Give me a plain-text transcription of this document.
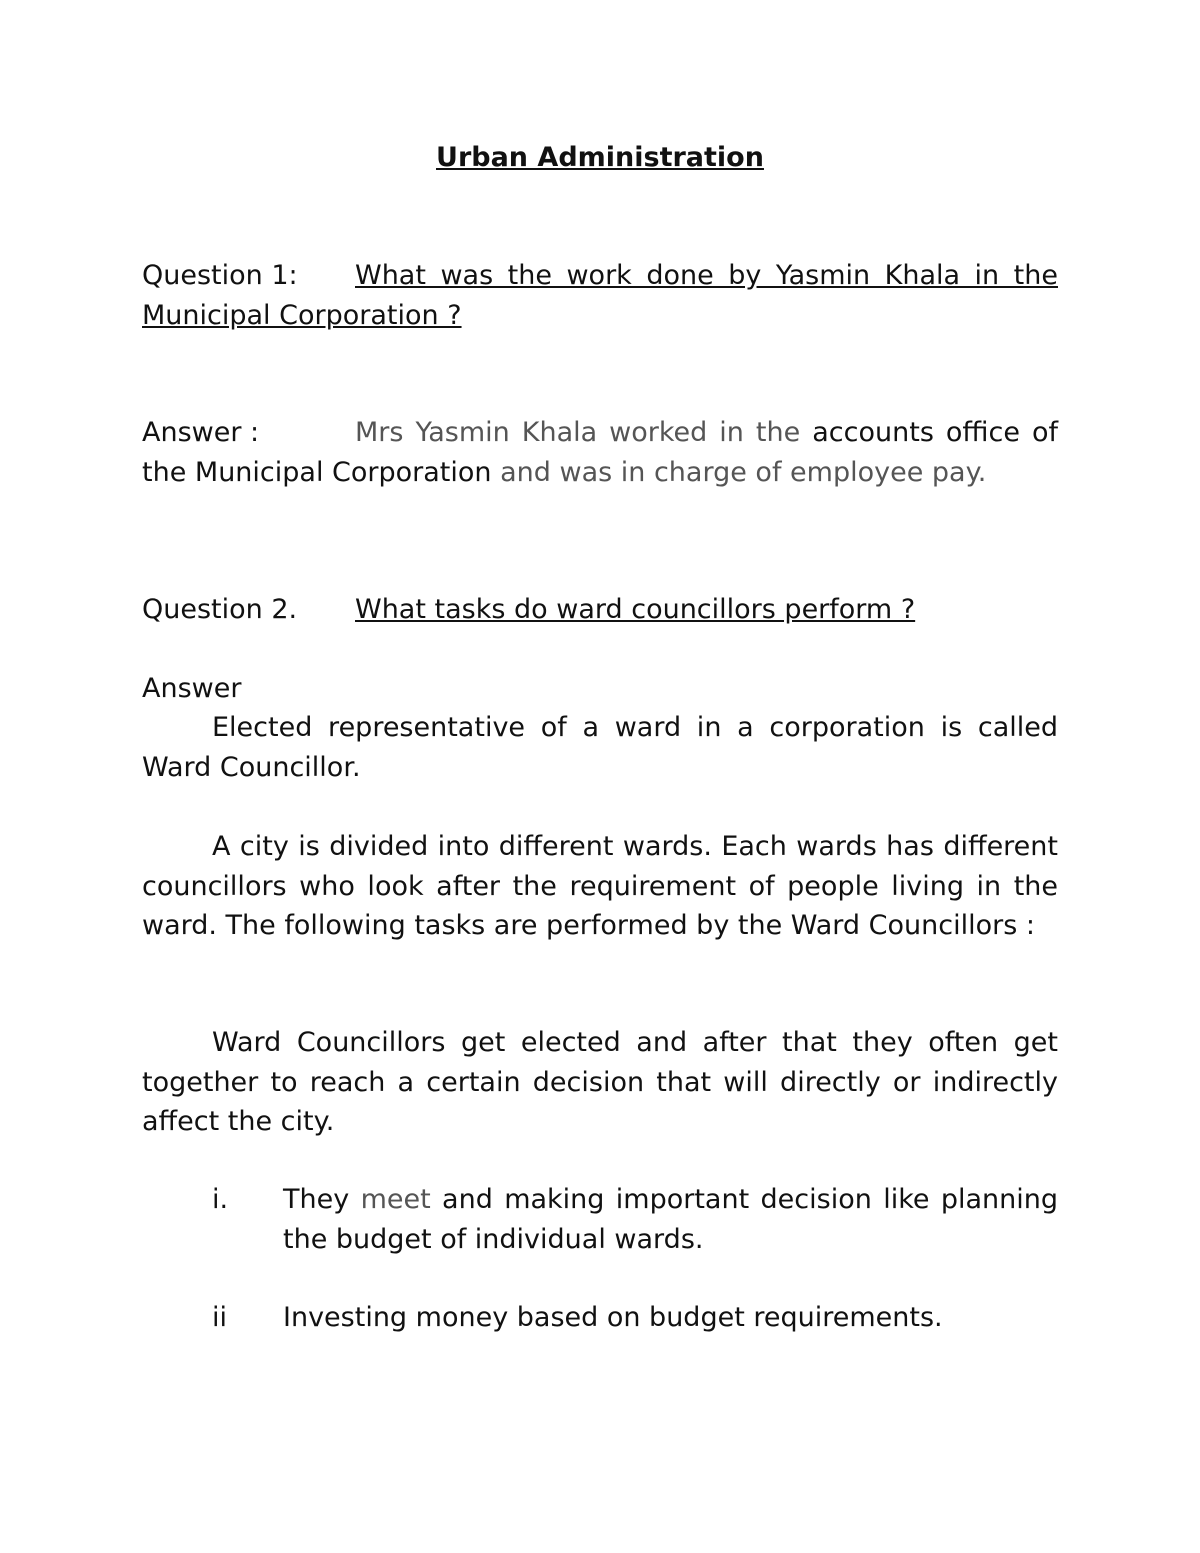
Urban Administration
Question 1: What was the work done by Yasmin Khala in the Municipal Corporation ?
Answer :	Mrs Yasmin Khala worked in the accounts office of the Municipal Corporation and was in charge of employee pay.
Question 2. What tasks do ward councillors perform ?
Answer
Elected representative of a ward in a corporation is called Ward Councillor.
A city is divided into different wards. Each wards has different councillors who look after the requirement of people living in the ward. The following tasks are performed by the Ward Councillors :
Ward Councillors get elected and after that they often get together to reach a certain decision that will directly or indirectly affect the city.
i.	They meet and making important decision like planning the budget of individual wards.
ii	Investing money based on budget requirements.
